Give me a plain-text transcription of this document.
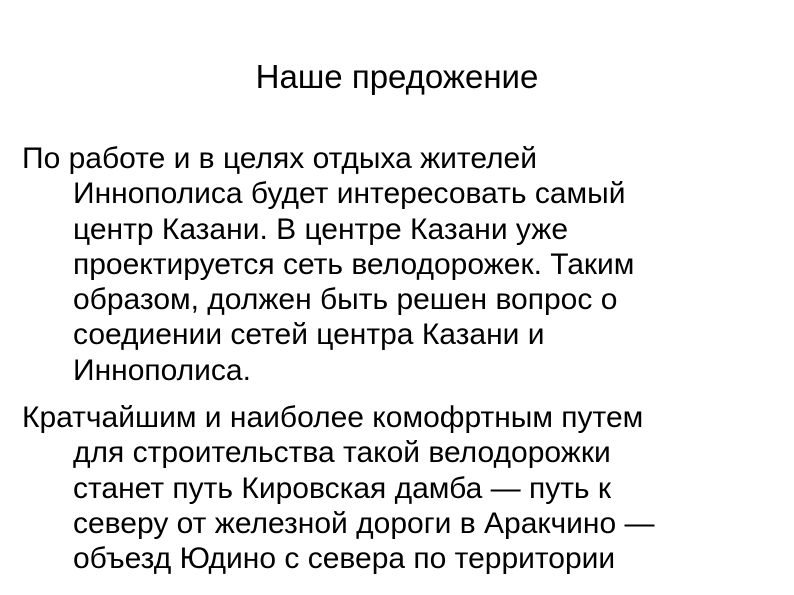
Наше предожение

По работе и в целях отдыха жителей
Иннополиса будет интересовать самый
центр Казани. В центре Казани уже
проектируется сеть велодорожек. Таким
образом, должен быть решен вопрос о
соедиении сетей центра Казани и
Иннополиса.

Кратчайшим и наиболее комофртным путем
для строительства такой велодорожки
станет путь Кировская дамба — путь к
северу от железной дороги в Аракчино —
объезд Юдино с севера по территории
